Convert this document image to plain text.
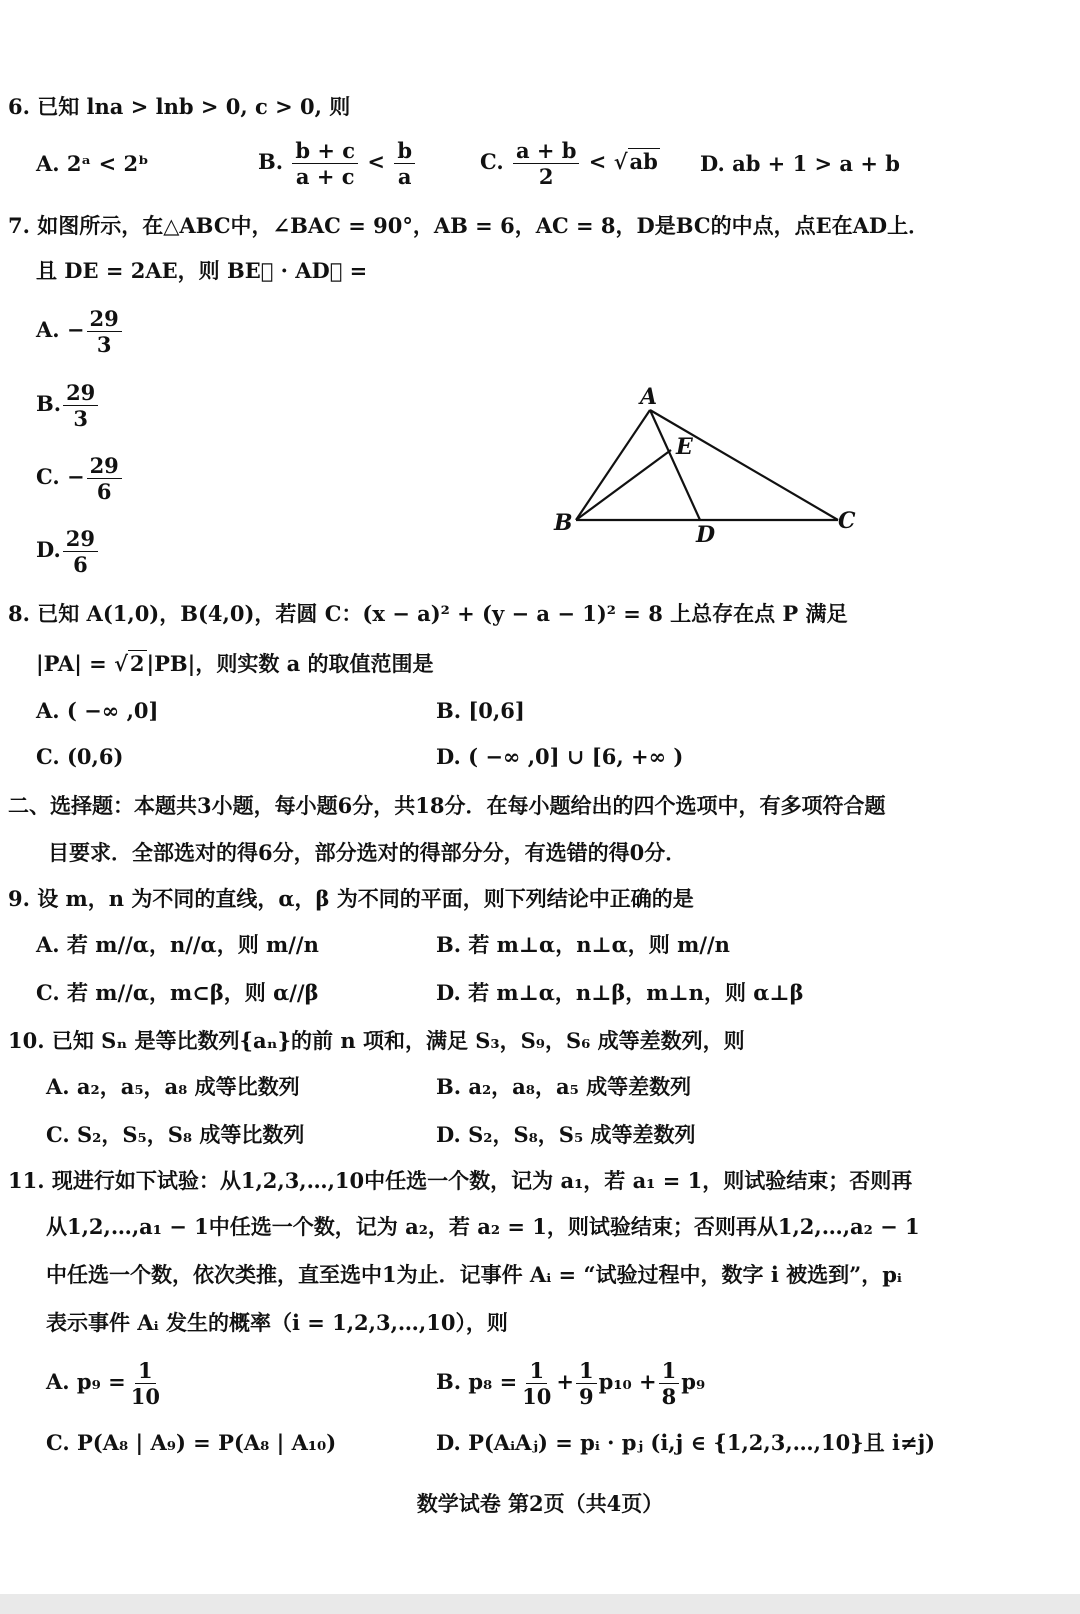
6. 已知 lna > lnb > 0, c > 0, 则
A. 2ᵃ < 2ᵇ	B. $\frac{b + c}{a + c} < \frac{b}{a}$	C. $\frac{a + b}{2} < √ab$ D. ab + 1 > a + b
7. 如图所示，在△ABC中，∠BAC = 90°，AB = 6，AC = 8，D是BC的中点，点E在AD上．
且 DE = 2AE，则 BE⃗ · AD⃗ =
A. − $\frac{29}{3}$
B. $\frac{29}{3}$
C. − $\frac{29}{6}$
D. $\frac{29}{6}$
A
B	C
D
E
8. 已知 A(1,0)，B(4,0)，若圆 C：(x − a)² + (y − a − 1)² = 8 上总存在点 P 满足
|PA| = √2|PB|，则实数 a 的取值范围是
A. ( −∞ ,0]	B. [0,6]
C. (0,6)	D. ( −∞ ,0] ∪ [6, +∞ )
二、选择题：本题共3小题，每小题6分，共18分．在每小题给出的四个选项中，有多项符合题
目要求．全部选对的得6分，部分选对的得部分分，有选错的得0分．
9. 设 m，n 为不同的直线，α，β 为不同的平面，则下列结论中正确的是
A. 若 m//α，n//α，则 m//n	B. 若 m⊥α，n⊥α，则 m//n
C. 若 m//α，m⊂β，则 α//β	D. 若 m⊥α，n⊥β，m⊥n，则 α⊥β
10. 已知 Sₙ 是等比数列{aₙ}的前 n 项和，满足 S₃，S₉，S₆ 成等差数列，则
A. a₂，a₅，a₈ 成等比数列	B. a₂，a₈，a₅ 成等差数列
C. S₂，S₅，S₈ 成等比数列	D. S₂，S₈，S₅ 成等差数列
11. 现进行如下试验：从1,2,3,…,10中任选一个数，记为 a₁，若 a₁ = 1，则试验结束；否则再
从1,2,…,a₁ − 1中任选一个数，记为 a₂，若 a₂ = 1，则试验结束；否则再从1,2,…,a₂ − 1
中任选一个数，依次类推，直至选中1为止．记事件 Aᵢ = “试验过程中，数字 i 被选到”，pᵢ
表示事件 Aᵢ 发生的概率（i = 1,2,3,…,10），则
A. $p_9 = \frac{1}{10}$	B. $p_8 = \frac{1}{10} + \frac{1}{9} p_{10} + \frac{1}{8} p_9$
C. P(A₈ | A₉) = P(A₈ | A₁₀)	D. P(AᵢAⱼ) = pᵢ · pⱼ (i,j ∈ {1,2,3,…,10}且 i≠j)
数学试卷 第2页（共4页）
